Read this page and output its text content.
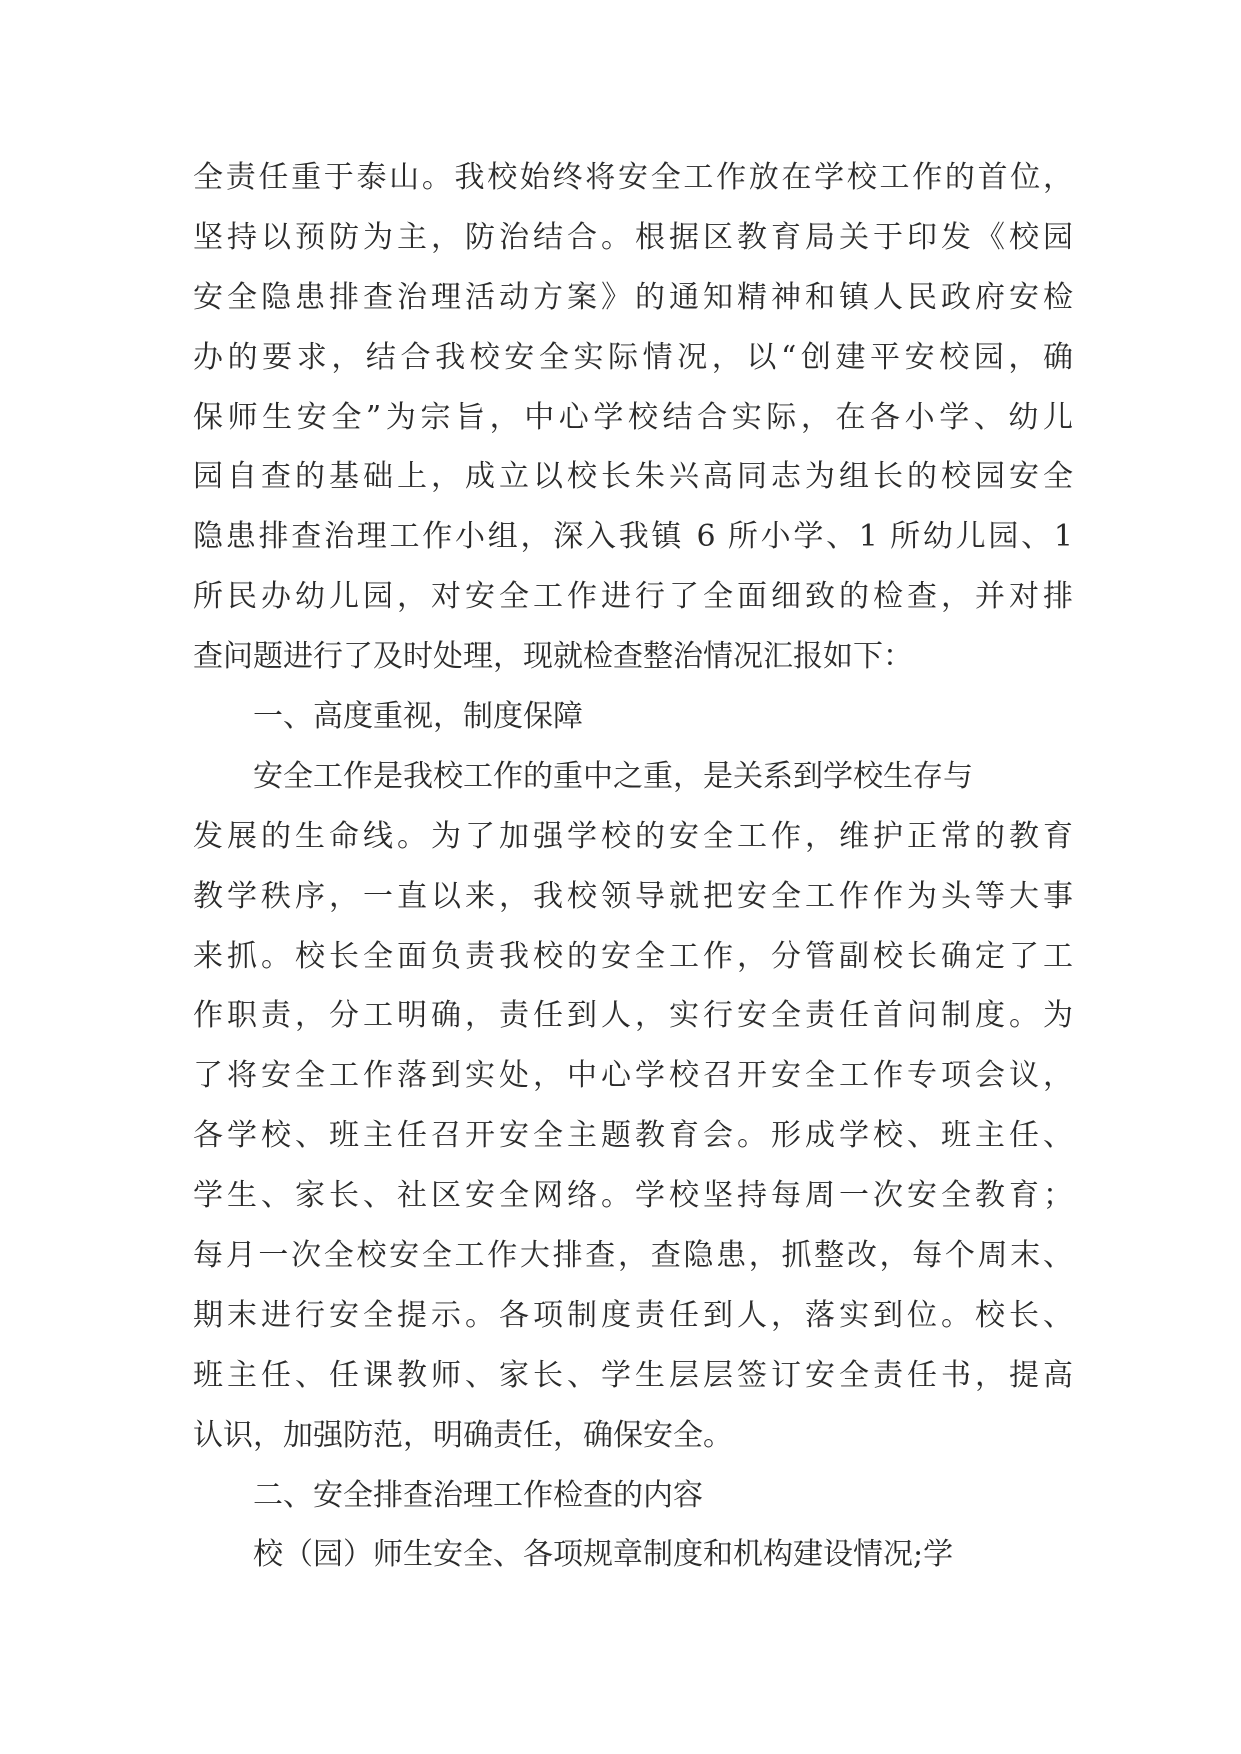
全责任重于泰山。我校始终将安全工作放在学校工作的首位，
坚持以预防为主，防治结合。根据区教育局关于印发《校园
安全隐患排查治理活动方案》的通知精神和镇人民政府安检
办的要求，结合我校安全实际情况，以“创建平安校园，确
保师生安全”为宗旨，中心学校结合实际，在各小学、幼儿
园自查的基础上，成立以校长朱兴高同志为组长的校园安全
隐患排查治理工作小组，深入我镇 6 所小学、1 所幼儿园、1
所民办幼儿园，对安全工作进行了全面细致的检查，并对排
查问题进行了及时处理，现就检查整治情况汇报如下：
一、高度重视，制度保障
安全工作是我校工作的重中之重，是关系到学校生存与
发展的生命线。为了加强学校的安全工作，维护正常的教育
教学秩序，一直以来，我校领导就把安全工作作为头等大事
来抓。校长全面负责我校的安全工作，分管副校长确定了工
作职责，分工明确，责任到人，实行安全责任首问制度。为
了将安全工作落到实处，中心学校召开安全工作专项会议，
各学校、班主任召开安全主题教育会。形成学校、班主任、
学生、家长、社区安全网络。学校坚持每周一次安全教育；
每月一次全校安全工作大排查，查隐患，抓整改，每个周末、
期末进行安全提示。各项制度责任到人，落实到位。校长、
班主任、任课教师、家长、学生层层签订安全责任书，提高
认识，加强防范，明确责任，确保安全。
二、安全排查治理工作检查的内容
校（园）师生安全、各项规章制度和机构建设情况;学
